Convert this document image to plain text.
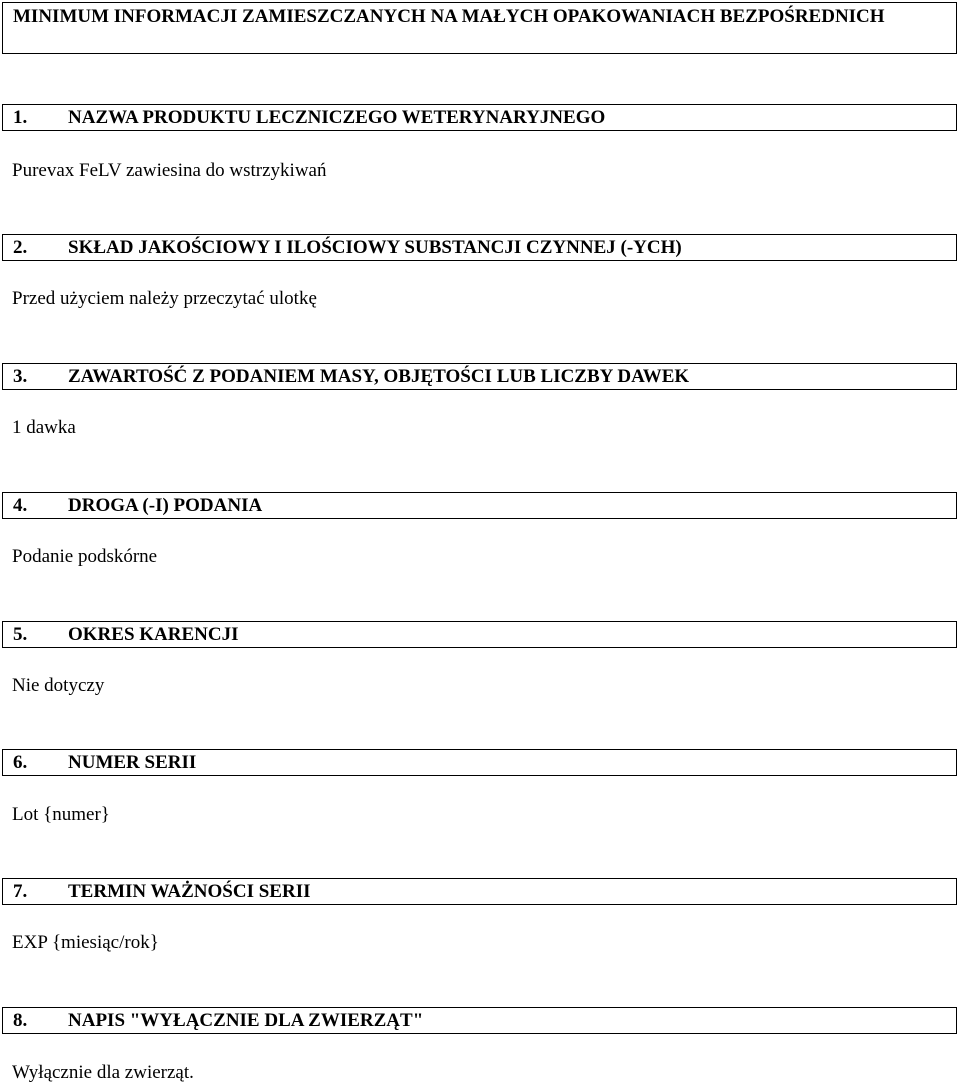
MINIMUM INFORMACJI ZAMIESZCZANYCH NA MAŁYCH OPAKOWANIACH BEZPOŚREDNICH
1. NAZWA PRODUKTU LECZNICZEGO WETERYNARYJNEGO
Purevax FeLV zawiesina do wstrzykiwań
2. SKŁAD JAKOŚCIOWY I ILOŚCIOWY SUBSTANCJI CZYNNEJ (-YCH)
Przed użyciem należy przeczytać ulotkę
3. ZAWARTOŚĆ Z PODANIEM MASY, OBJĘTOŚCI LUB LICZBY DAWEK
1 dawka
4. DROGA (-I) PODANIA
Podanie podskórne
5. OKRES KARENCJI
Nie dotyczy
6. NUMER SERII
Lot {numer}
7. TERMIN WAŻNOŚCI SERII
EXP {miesiąc/rok}
8. NAPIS "WYŁĄCZNIE DLA ZWIERZĄT"
Wyłącznie dla zwierząt.
